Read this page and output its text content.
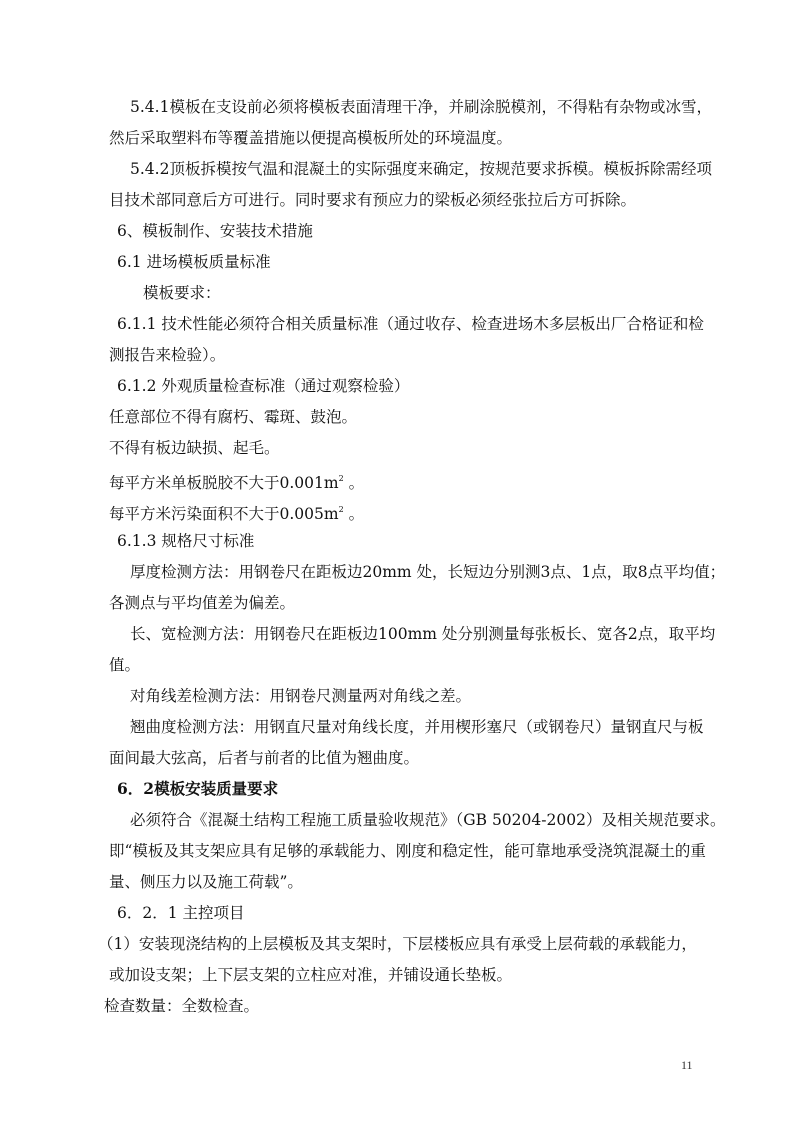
5.4.1模板在支设前必须将模板表面清理干净，并刷涂脱模剂，不得粘有杂物或冰雪，
然后采取塑料布等覆盖措施以便提高模板所处的环境温度。
5.4.2顶板拆模按气温和混凝土的实际强度来确定，按规范要求拆模。模板拆除需经项
目技术部同意后方可进行。同时要求有预应力的梁板必须经张拉后方可拆除。
6、模板制作、安装技术措施
6.1 进场模板质量标准
模板要求：
6.1.1 技术性能必须符合相关质量标准（通过收存、检查进场木多层板出厂合格证和检
测报告来检验）。
6.1.2 外观质量检查标准（通过观察检验）
任意部位不得有腐朽、霉斑、鼓泡。
不得有板边缺损、起毛。
每平方米单板脱胶不大于$0.001m^2$ 。
每平方米污染面积不大于$0.005m^2$ 。
6.1.3 规格尺寸标准
厚度检测方法：用钢卷尺在距板边20mm 处，长短边分别测3点、1点，取8点平均值；
各测点与平均值差为偏差。
长、宽检测方法：用钢卷尺在距板边100mm 处分别测量每张板长、宽各2点，取平均
值。
对角线差检测方法：用钢卷尺测量两对角线之差。
翘曲度检测方法：用钢直尺量对角线长度，并用楔形塞尺（或钢卷尺）量钢直尺与板
面间最大弦高，后者与前者的比值为翘曲度。
6．2模板安装质量要求
必须符合《混凝土结构工程施工质量验收规范》（GB 50204-2002）及相关规范要求。
即“模板及其支架应具有足够的承载能力、刚度和稳定性，能可靠地承受浇筑混凝土的重
量、侧压力以及施工荷载”。
6．2．1 主控项目
（1）安装现浇结构的上层模板及其支架时，下层楼板应具有承受上层荷载的承载能力，
或加设支架；上下层支架的立柱应对准，并铺设通长垫板。
检查数量：全数检查。
11
